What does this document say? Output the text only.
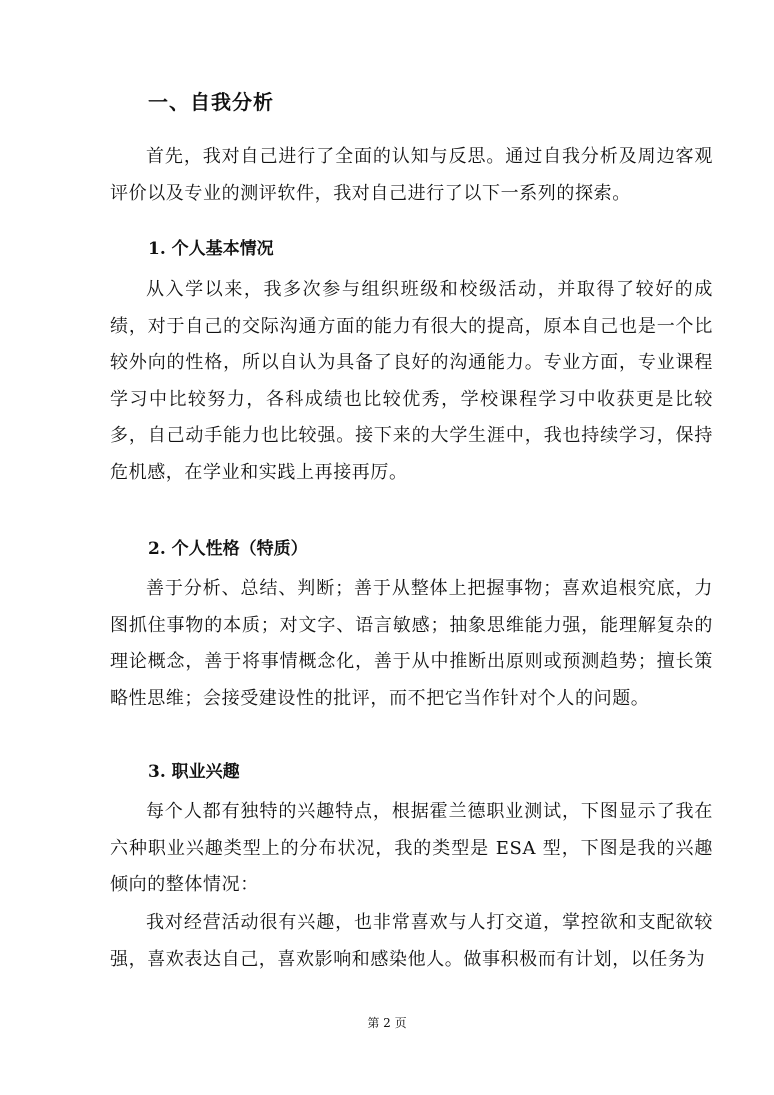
一、自我分析

首先，我对自己进行了全面的认知与反思。通过自我分析及周边客观评价以及专业的测评软件，我对自己进行了以下一系列的探索。

1. 个人基本情况

从入学以来，我多次参与组织班级和校级活动，并取得了较好的成绩，对于自己的交际沟通方面的能力有很大的提高，原本自己也是一个比较外向的性格，所以自认为具备了良好的沟通能力。专业方面，专业课程学习中比较努力，各科成绩也比较优秀，学校课程学习中收获更是比较多，自己动手能力也比较强。接下来的大学生涯中，我也持续学习，保持危机感，在学业和实践上再接再厉。

2. 个人性格（特质）

善于分析、总结、判断；善于从整体上把握事物；喜欢追根究底，力图抓住事物的本质；对文字、语言敏感；抽象思维能力强，能理解复杂的理论概念，善于将事情概念化，善于从中推断出原则或预测趋势；擅长策略性思维；会接受建设性的批评，而不把它当作针对个人的问题。

3. 职业兴趣

每个人都有独特的兴趣特点，根据霍兰德职业测试，下图显示了我在六种职业兴趣类型上的分布状况，我的类型是 ESA 型，下图是我的兴趣倾向的整体情况：

我对经营活动很有兴趣，也非常喜欢与人打交道，掌控欲和支配欲较强，喜欢表达自己，喜欢影响和感染他人。做事积极而有计划，以任务为

第 2 页
